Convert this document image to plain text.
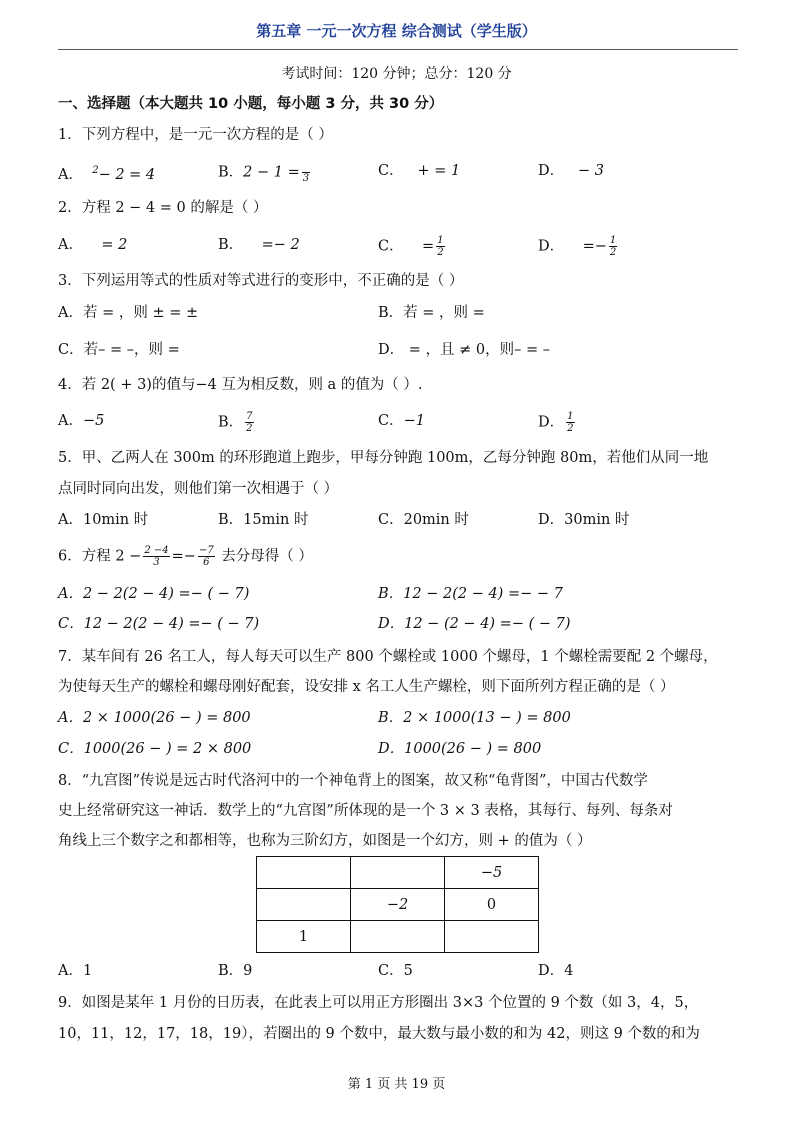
第五章 一元一次方程 综合测试（学生版）
考试时间：120 分钟；总分：120 分
一、选择题（本大题共 10 小题，每小题 3 分，共 30 分）
1．下列方程中，是一元一次方程的是（ ）
A． $^2$− 2 = 4	B．2 − 1 =
3	C． + = 1	D． − 3
2．方程 2 − 4 = 0 的解是（ ）
A． = 2	B． =− 2	C． = $\frac{1}{2}$	D． =− $\frac{1}{2}$
3．下列运用等式的性质对等式进行的变形中，不正确的是（ ）
A．若 = ，则 ± = ±	B．若 = ，则 =
C．若– = –，则 =	D． = ，且 ≠ 0，则– = –
4．若 2( + 3)的值与−4 互为相反数，则 a 的值为（ ）.
A．−5	B． $\frac{7}{2}$	C．−1	D． $\frac{1}{2}$
5．甲、乙两人在 300m 的环形跑道上跑步，甲每分钟跑 100m，乙每分钟跑 80m，若他们从同一地
点同时同向出发，则他们第一次相遇于（ ）
A．10min 时	B．15min 时	C．20min 时	D．30min 时
6．方程 $2 - \frac{2 -4}{3} =- \frac{-7}{6}$ 去分母得（ ）
A．2 − 2(2 − 4) =− ( − 7)	B．12 − 2(2 − 4) =− − 7
C．12 − 2(2 − 4) =− ( − 7)	D．12 − (2 − 4) =− ( − 7)
7．某车间有 26 名工人，每人每天可以生产 800 个螺栓或 1000 个螺母，1 个螺栓需要配 2 个螺母，
为使每天生产的螺栓和螺母刚好配套，设安排 x 名工人生产螺栓，则下面所列方程正确的是（ ）
A．2 × 1000(26 − ) = 800	B．2 × 1000(13 − ) = 800
C．1000(26 − ) = 2 × 800	D．1000(26 − ) = 800
8．“九宫图”传说是远古时代洛河中的一个神龟背上的图案，故又称“龟背图”，中国古代数学
史上经常研究这一神话．数学上的“九宫图”所体现的是一个 3 × 3 表格，其每行、每列、每条对
角线上三个数字之和都相等，也称为三阶幻方，如图是一个幻方，则 + 的值为（ ）
		−5
	−2	0
1		
A．1	B．9	C．5	D．4
9．如图是某年 1 月份的日历表，在此表上可以用正方形圈出 3×3 个位置的 9 个数（如 3，4，5，
10，11，12，17，18，19），若圈出的 9 个数中，最大数与最小数的和为 42，则这 9 个数的和为
第 1 页 共 19 页
